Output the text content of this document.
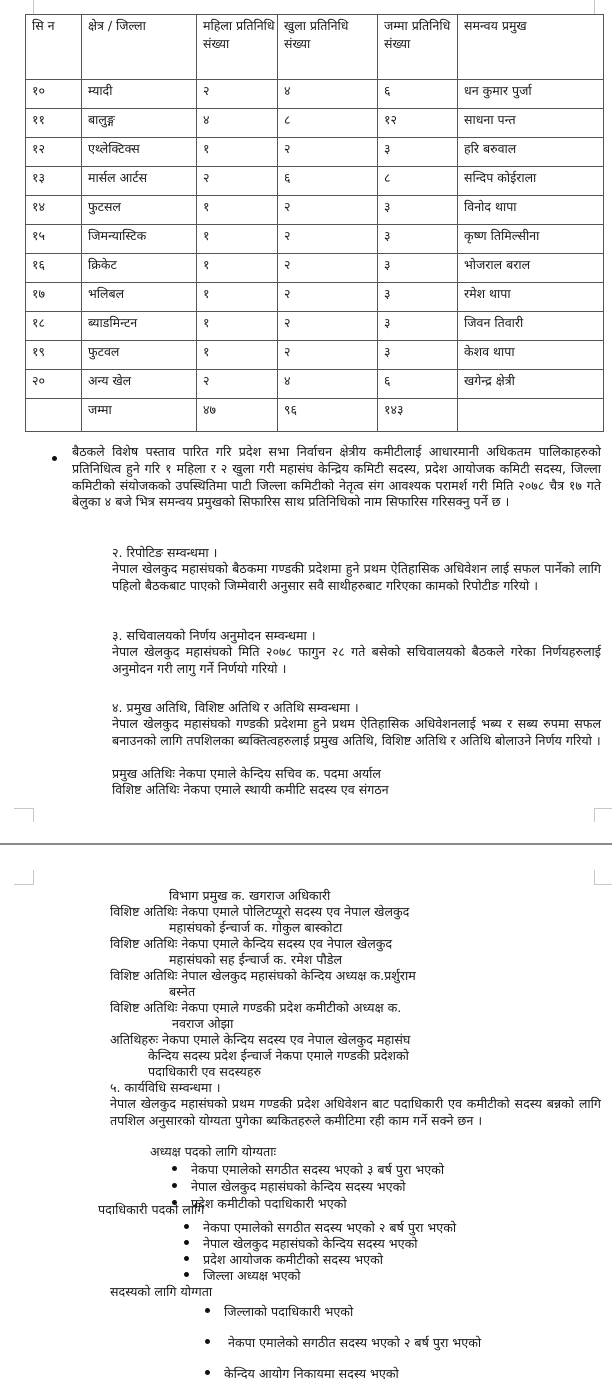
सि न	क्षेत्र / जिल्ला	महिला प्रतिनिधि संख्या	खुला प्रतिनिधि संख्या	जम्मा प्रतिनिधि संख्या	समन्वय प्रमुख
१०	म्यादी	२	४	६	धन कुमार पुर्जा
११	बालुङ्ग	४	८	१२	साधना पन्त
१२	एथ्लेक्टिक्स	१	२	३	हरि बरुवाल
१३	मार्सल आर्टस	२	६	८	सन्दिप कोईराला
१४	फुटसल	१	२	३	विनोद थापा
१५	जिमन्यास्टिक	१	२	३	कृष्ण तिमिल्सीना
१६	क्रिकेट	१	२	३	भोजराल बराल
१७	भलिबल	१	२	३	रमेश थापा
१८	ब्याडमिन्टन	१	२	३	जिवन तिवारी
१९	फुटवल	१	२	३	केशव थापा
२०	अन्य खेल	२	४	६	खगेन्द्र क्षेत्री
	जम्मा	४७	९६	१४३	
बैठकले विशेष पस्ताव पारित गरि प्रदेश सभा निर्वाचन क्षेत्रीय कमीटीलाई आधारमानी अधिकतम पालिकाहरुको प्रतिनिधित्व हुने गरि १ महिला र २ खुला गरी महासंघ केन्द्रिय कमिटी सदस्य, प्रदेश आयोजक कमिटी सदस्य, जिल्ला कमिटीको संयोजकको उपस्थितिमा पाटी जिल्ला कमिटीको नेतृत्व संग आवश्यक परामर्श गरी मिति २०७८ चैत्र १७ गते बेलुका ४ बजे भित्र समन्वय प्रमुखको सिफारिस साथ प्रतिनिधिको नाम सिफारिस गरिसक्नु पर्ने छ ।
२. रिपोटिङ सम्वन्धमा ।
नेपाल खेलकुद महासंघको बैठकमा गण्डकी प्रदेशमा हुने प्रथम ऐतिहासिक अधिवेशन लाई सफल पार्नेको लागि पहिलो बैठकबाट पाएको जिम्मेवारी अनुसार सवै साथीहरुबाट गरिएका कामको रिपोटीङ गरियो ।
३. सचिवालयको निर्णय अनुमोदन सम्वन्धमा ।
नेपाल खेलकुद महासंघको मिति २०७८ फागुन २८ गते बसेको सचिवालयको बैठकले गरेका निर्णयहरुलाई अनुमोदन गरी लागु गर्ने निर्णयो गरियो ।
४. प्रमुख अतिथि, विशिष्ट अतिथि र अतिथि सम्वन्धमा ।
नेपाल खेलकुद महासंघको गण्डकी प्रदेशमा हुने प्रथम ऐतिहासिक अधिवेशनलाई भब्य र सब्य रुपमा सफल बनाउनको लागि तपशिलका ब्यक्तित्वहरुलाई प्रमुख अतिथि, विशिष्ट अतिथि र अतिथि बोलाउने निर्णय गरियो ।
प्रमुख अतिथिः नेकपा एमाले केन्दिय सचिव क. पदमा अर्याल
विशिष्ट अतिथिः नेकपा एमाले स्थायी कमीटि सदस्य एव संगठन
विभाग प्रमुख क. खगराज अधिकारी
विशिष्ट अतिथिः नेकपा एमाले पोलिटप्यूरो सदस्य एव नेपाल खेलकुद
महासंघको ईन्चार्ज क. गोकुल बास्कोटा
विशिष्ट अतिथिः नेकपा एमाले केन्दिय सदस्य एव नेपाल खेलकुद
महासंघको सह ईन्चार्ज क. रमेश पौडेल
विशिष्ट अतिथिः नेपाल खेलकुद महासंघको केन्दिय अध्यक्ष क.प्रर्शुराम
बस्नेत
विशिष्ट अतिथिः नेकपा एमाले गण्डकी प्रदेश कमीटीको अध्यक्ष क.
नवराज ओझा
अतिथिहरुः नेकपा एमाले केन्दिय सदस्य एव नेपाल खेलकुद महासंघ
केन्दिय सदस्य प्रदेश ईन्चार्ज नेकपा एमाले गण्डकी प्रदेशको
पदाधिकारी एव सदस्यहरु
५. कार्यविधि सम्वन्धमा ।
नेपाल खेलकुद महासंघको प्रथम गण्डकी प्रदेश अधिवेशन बाट पदाधिकारी एव कमीटीको सदस्य बन्नको लागि तपशिल अनुसारको योग्यता पुगेका ब्यकितहरुले कमीटिमा रही काम गर्ने सक्ने छन ।
अध्यक्ष पदको लागि योग्यताः
नेकपा एमालेको सगठीत सदस्य भएको ३ बर्ष पुरा भएको
नेपाल खेलकुद महासंघको केन्दिय सदस्य भएको
प्रदेश कमीटीको पदाधिकारी भएको
पदाधिकारी पदको लागि
नेकपा एमालेको सगठीत सदस्य भएको २ बर्ष पुरा भएको
नेपाल खेलकुद महासंघको केन्दिय सदस्य भएको
प्रदेश आयोजक कमीटीको सदस्य भएको
जिल्ला अध्यक्ष भएको
सदस्यको लागि योग्गता
जिल्लाको पदाधिकारी भएको
नेकपा एमालेको सगठीत सदस्य भएको २ बर्ष पुरा भएको
केन्दिय आयोग निकायमा सदस्य भएको
